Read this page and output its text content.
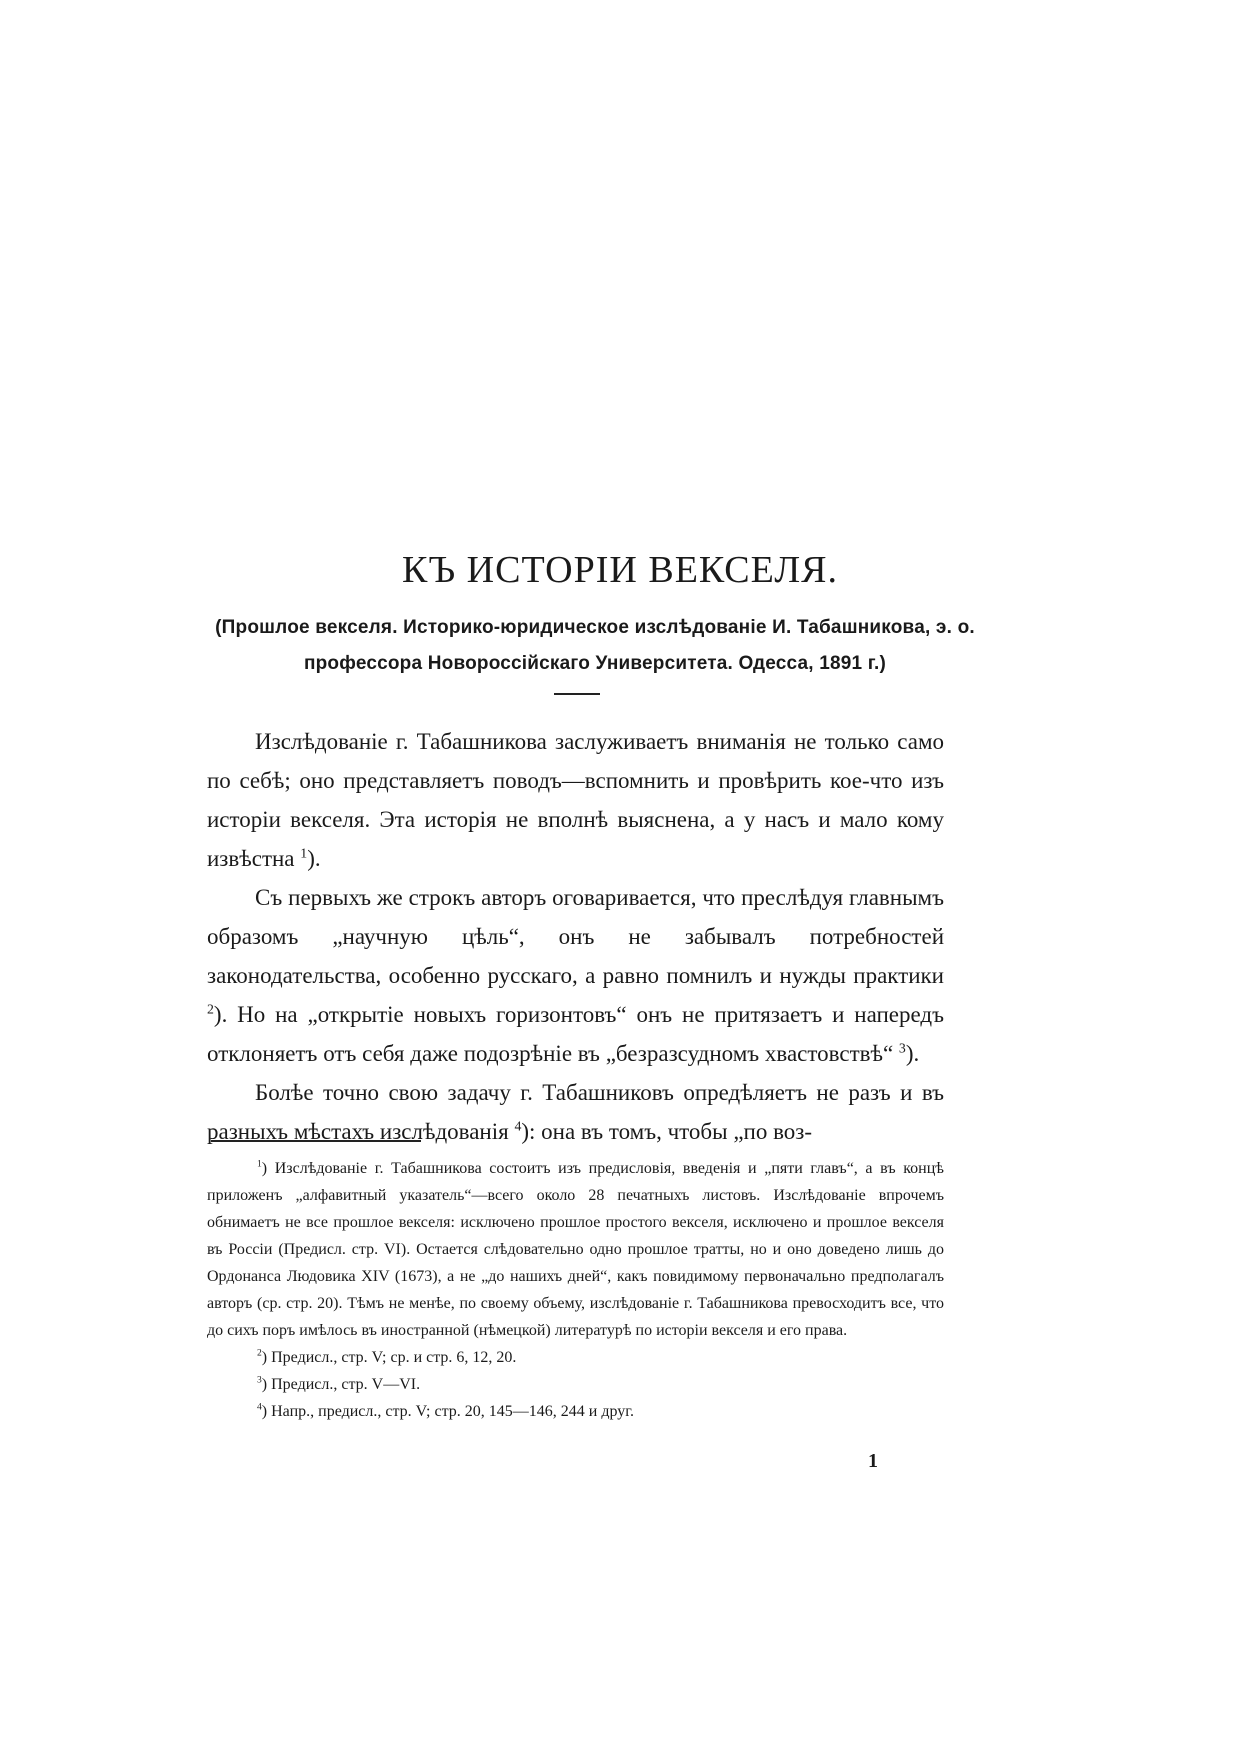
КЪ ИСТОРІИ ВЕКСЕЛЯ.
(Прошлое векселя. Историко-юридическое изслѣдованіе И. Табашникова, э. о. профессора Новороссійскаго Университета. Одесса, 1891 г.)

Изслѣдованіе г. Табашникова заслуживаетъ вниманія не только само по себѣ; оно представляетъ поводъ—вспомнить и провѣрить кое-что изъ исторіи векселя. Эта исторія не вполнѣ выяснена, а у насъ и мало кому извѣстна $^1$).

Съ первыхъ же строкъ авторъ оговаривается, что преслѣдуя главнымъ образомъ „научную цѣль“, онъ не забывалъ потребностей законодательства, особенно русскаго, а равно помнилъ и нужды практики $^2$). Но на „открытіе новыхъ горизонтовъ“ онъ не притязаетъ и напередъ отклоняетъ отъ себя даже подозрѣніе въ „безразсудномъ хвастовствѣ“ $^3$).

Болѣе точно свою задачу г. Табашниковъ опредѣляетъ не разъ и въ разныхъ мѣстахъ изслѣдованія $^4$): она въ томъ, чтобы „по воз-

$^1$) Изслѣдованіе г. Табашникова состоитъ изъ предисловія, введенія и „пяти главъ“, а въ концѣ приложенъ „алфавитный указатель“—всего около 28 печатныхъ листовъ. Изслѣдованіе впрочемъ обнимаетъ не все прошлое векселя: исключено прошлое простого векселя, исключено и прошлое векселя въ Россіи (Предисл. стр. VI). Остается слѣдовательно одно прошлое тратты, но и оно доведено лишь до Ордонанса Людовика XIV (1673), а не „до нашихъ дней“, какъ повидимому первоначально предполагалъ авторъ (ср. стр. 20). Тѣмъ не менѣе, по своему объему, изслѣдованіе г. Табашникова превосходитъ все, что до сихъ поръ имѣлось въ иностранной (нѣмецкой) литературѣ по исторіи векселя и его права.

$^2$) Предисл., стр. V; ср. и стр. 6, 12, 20.

$^3$) Предисл., стр. V—VI.

$^4$) Напр., предисл., стр. V; стр. 20, 145—146, 244 и друг.

1
